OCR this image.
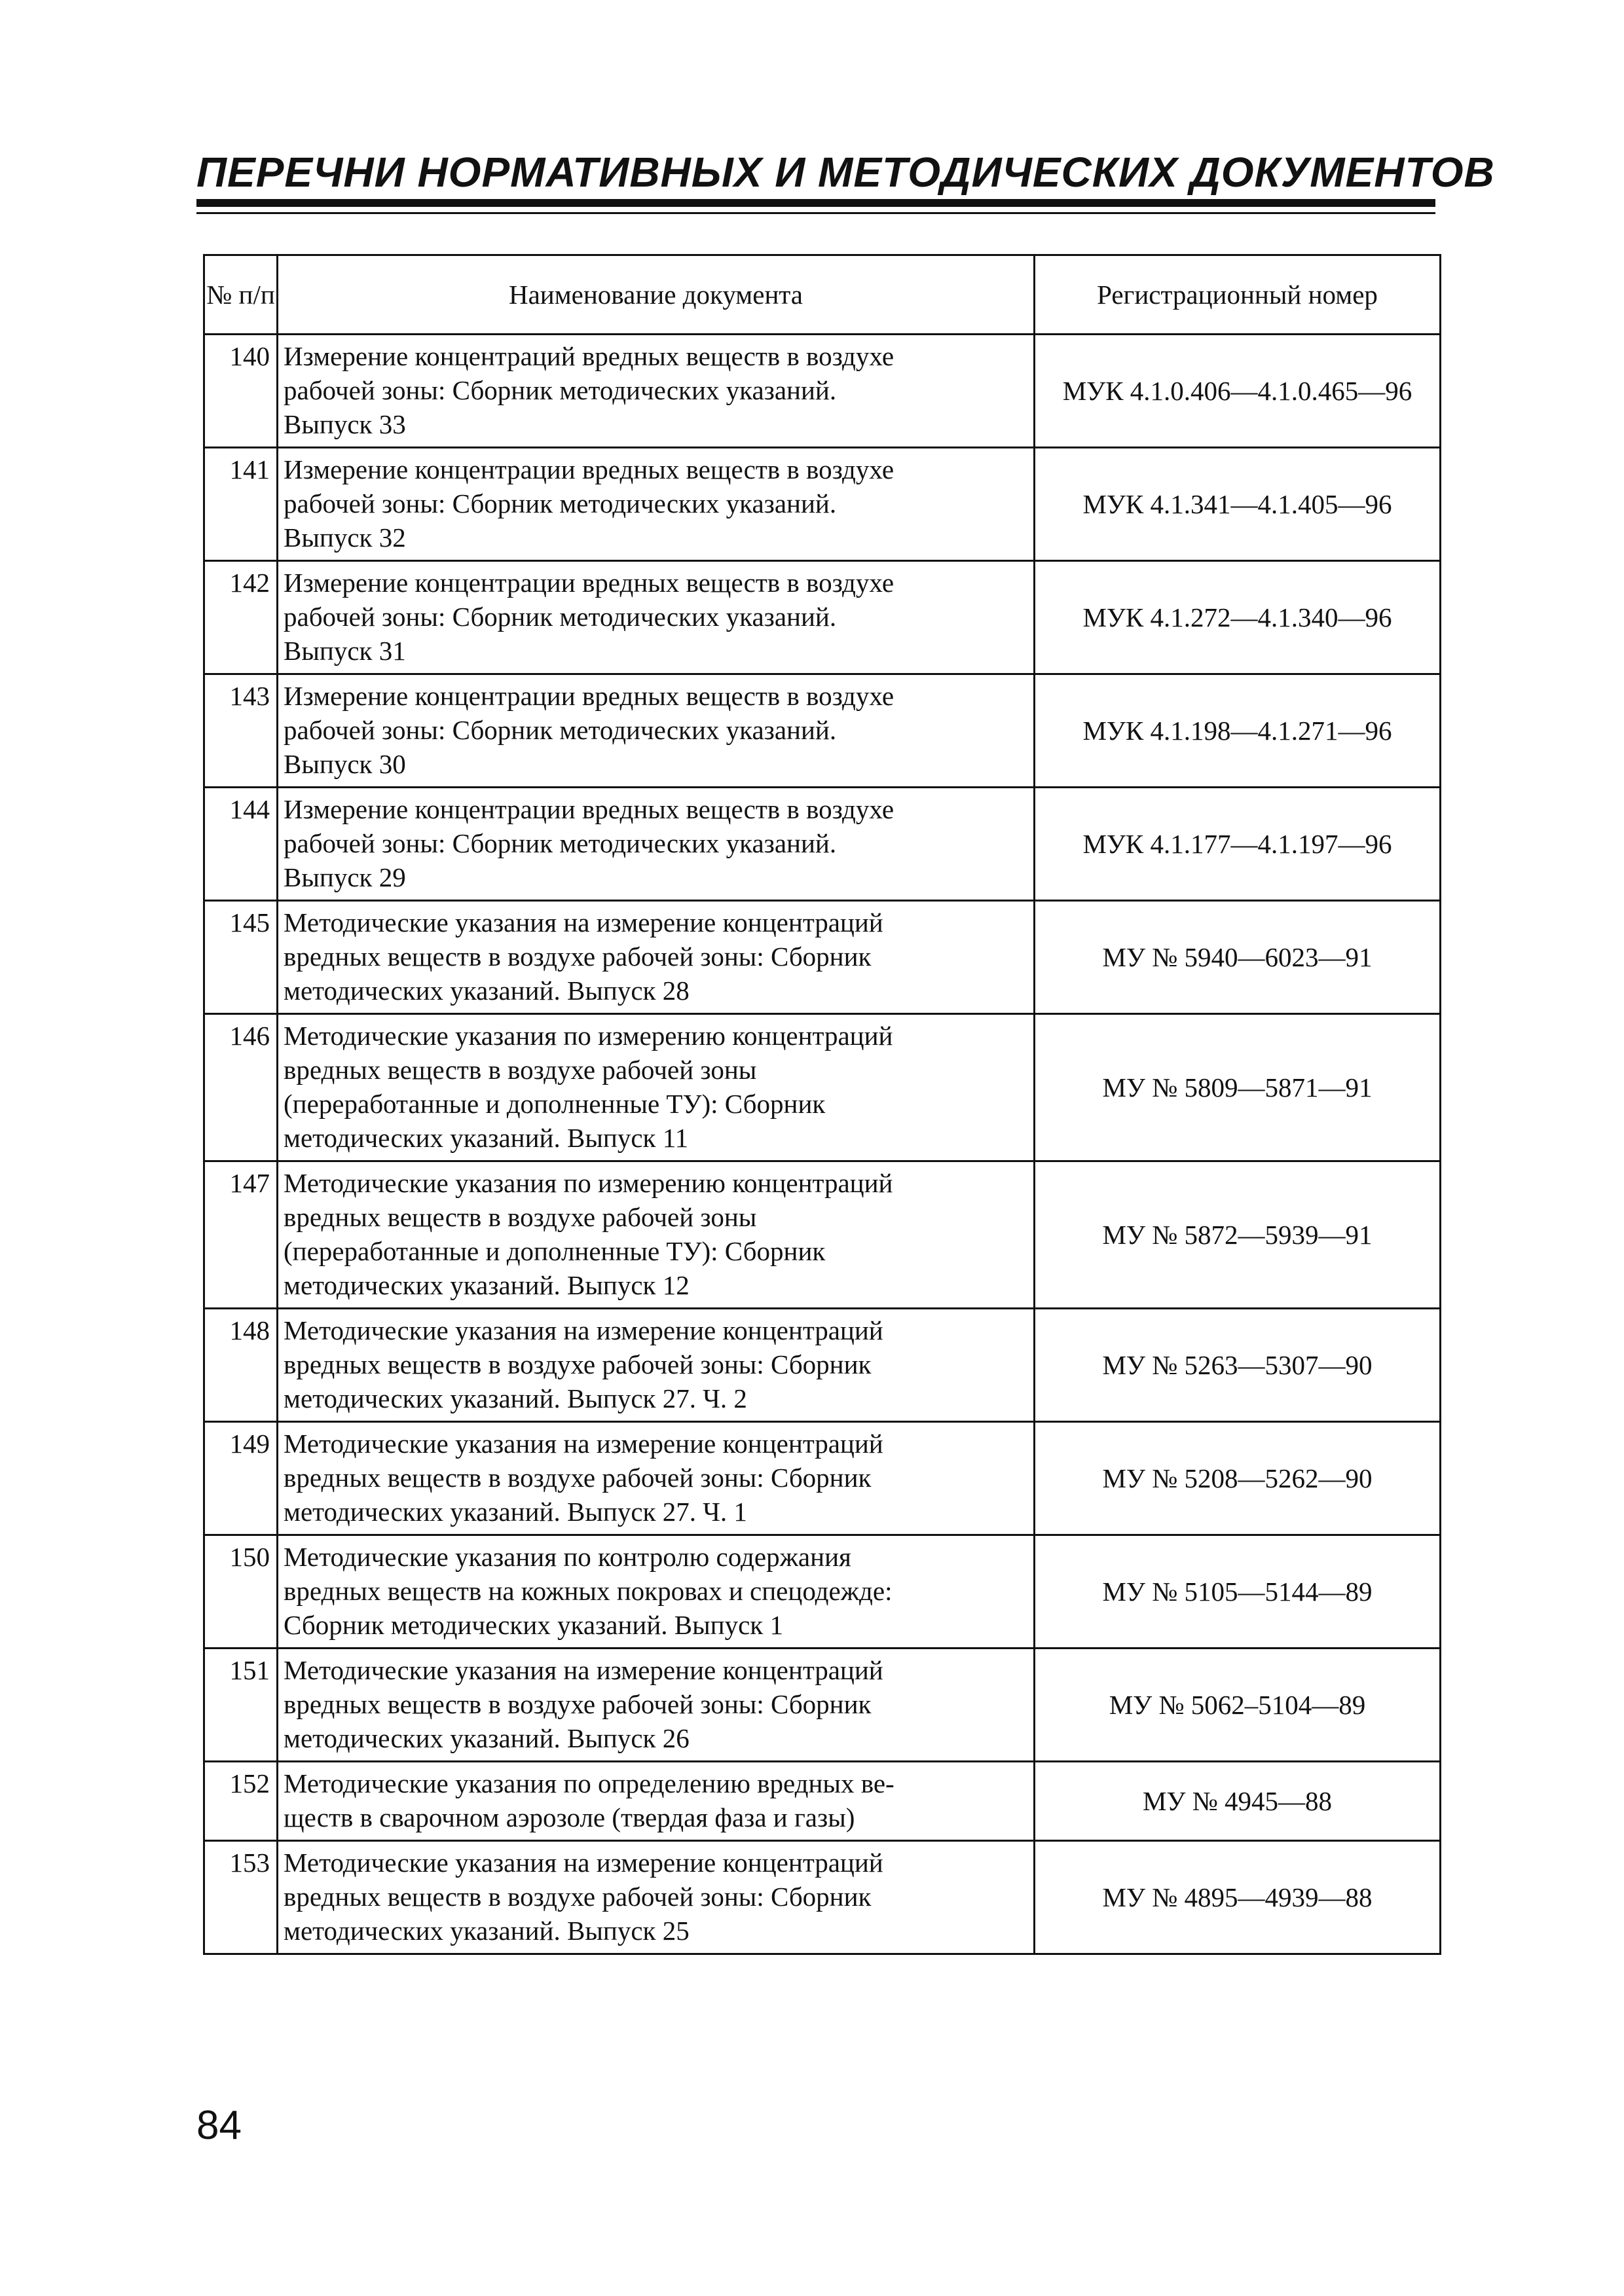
ПЕРЕЧНИ НОРМАТИВНЫХ И МЕТОДИЧЕСКИХ ДОКУМЕНТОВ
№ п/п	Наименование документа	Регистрационный номер
140	Измерение концентраций вредных веществ в воздухе
рабочей зоны: Сборник методических указаний.
Выпуск 33	МУК 4.1.0.406—4.1.0.465—96
141	Измерение концентрации вредных веществ в воздухе
рабочей зоны: Сборник методических указаний.
Выпуск 32	МУК 4.1.341—4.1.405—96
142	Измерение концентрации вредных веществ в воздухе
рабочей зоны: Сборник методических указаний.
Выпуск 31	МУК 4.1.272—4.1.340—96
143	Измерение концентрации вредных веществ в воздухе
рабочей зоны: Сборник методических указаний.
Выпуск 30	МУК 4.1.198—4.1.271—96
144	Измерение концентрации вредных веществ в воздухе
рабочей зоны: Сборник методических указаний.
Выпуск 29	МУК 4.1.177—4.1.197—96
145	Методические указания на измерение концентраций
вредных веществ в воздухе рабочей зоны: Сборник
методических указаний. Выпуск 28	МУ № 5940—6023—91
146	Методические указания по измерению концентраций
вредных веществ в воздухе рабочей зоны
(переработанные и дополненные ТУ): Сборник
методических указаний. Выпуск 11	МУ № 5809—5871—91
147	Методические указания по измерению концентраций
вредных веществ в воздухе рабочей зоны
(переработанные и дополненные ТУ): Сборник
методических указаний. Выпуск 12	МУ № 5872—5939—91
148	Методические указания на измерение концентраций
вредных веществ в воздухе рабочей зоны: Сборник
методических указаний. Выпуск 27. Ч. 2	МУ № 5263—5307—90
149	Методические указания на измерение концентраций
вредных веществ в воздухе рабочей зоны: Сборник
методических указаний. Выпуск 27. Ч. 1	МУ № 5208—5262—90
150	Методические указания по контролю содержания
вредных веществ на кожных покровах и спецодежде:
Сборник методических указаний. Выпуск 1	МУ № 5105—5144—89
151	Методические указания на измерение концентраций
вредных веществ в воздухе рабочей зоны: Сборник
методических указаний. Выпуск 26	МУ № 5062–5104—89
152	Методические указания по определению вредных ве-
ществ в сварочном аэрозоле (твердая фаза и газы)	МУ № 4945—88
153	Методические указания на измерение концентраций
вредных веществ в воздухе рабочей зоны: Сборник
методических указаний. Выпуск 25	МУ № 4895—4939—88
84
